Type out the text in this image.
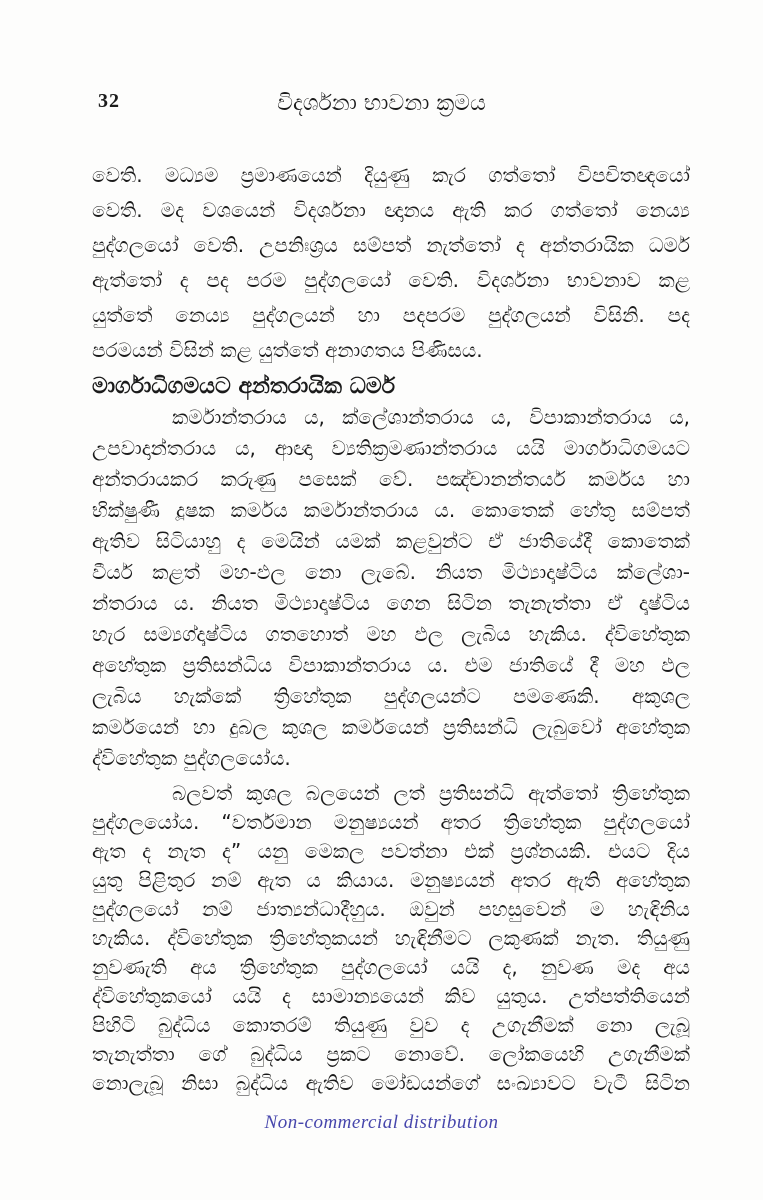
32	විදර්ශනා භාවනා ක්‍රමය
වෙති. මධ්‍යම ප්‍රමාණයෙන් දියුණු කැර ගත්තෝ විපචිතඥයෝ
වෙති. මද වශයෙන් විදර්ශනා ඥානය ඇති කර ගත්තෝ නෙය්‍ය
පුද්ගලයෝ වෙති. උපනිඃශ්‍රය සම්පත් නැත්තෝ ද අන්තරායික ධර්ම
ඇත්තෝ ද පද පරම පුද්ගලයෝ වෙති. විදර්ශනා භාවනාව කළ
යුත්තේ නෙය්‍ය පුද්ගලයන් හා පදපරම පුද්ගලයන් විසිනි. පද
පරමයන් විසින් කළ යුත්තේ අනාගතය පිණිසය.
මාර්ගාධිගමයට අන්තරායික ධර්ම
කර්මාන්තරාය ය, ක්ලේශාන්තරාය ය, විපාකාන්තරාය ය,
උපවාදාන්තරාය ය, ආඥා ව්‍යතික්‍රමණාන්තරාය යයි මාර්ගාධිගමයට
අන්තරායකර කරුණු පසෙක් වේ. පඤ්චානන්තර්ය කර්මය හා
භික්ෂුණී දූෂක කර්මය කර්මාන්තරාය ය. කොතෙක් හේතු සම්පත්
ඇතිව සිටියාහු ද මෙයින් යමක් කළවුන්ට ඒ ජාතියේදී කොතෙක්
වීර්ය කළත් මහ-ඵල නො ලැබේ. නියත මිථ්‍යාදෘෂ්ටිය ක්ලේශා-
න්තරාය ය. නියත මිථ්‍යාදෘෂ්ටිය ගෙන සිටින තැනැත්තා ඒ දෘෂ්ටිය
හැර සම්‍යග්දෘෂ්ටිය ගතහොත් මහ ඵල ලැබිය හැකිය. ද්විහේතුක
අහේතුක ප්‍රතිසන්ධිය විපාකාන්තරාය ය. එම ජාතියේ දී මහ ඵල
ලැබිය හැක්කේ ත්‍රිහේතුක පුද්ගලයන්ට පමණෙකි. අකුශල
කර්මයෙන් හා දුබල කුශල කර්මයෙන් ප්‍රතිසන්ධි ලැබුවෝ අහේතුක
ද්විහේතුක පුද්ගලයෝය.
බලවත් කුශල බලයෙන් ලත් ප්‍රතිසන්ධි ඇත්තෝ ත්‍රිහේතුක
පුද්ගලයෝය. “වර්තමාන මනුෂ්‍යයන් අතර ත්‍රිහේතුක පුද්ගලයෝ
ඇත ද නැත ද” යනු මෙකල පවත්නා එක් ප්‍රශ්නයකි. එයට දිය
යුතු පිළිතුර නම් ඇත ය කියාය. මනුෂ්‍යයන් අතර ඇති අහේතුක
පුද්ගලයෝ නම් ජාත්‍යන්ධාදීහුය. ඔවුන් පහසුවෙන් ම හැඳිනිය
හැකිය. ද්විහේතුක ත්‍රිහේතුකයන් හැඳිනීමට ලකුණක් නැත. තියුණු
නුවණැති අය ත්‍රිහේතුක පුද්ගලයෝ යයි ද, නුවණ මද අය
ද්විහේතුකයෝ යයි ද සාමාන්‍යයෙන් කිව යුතුය. උත්පත්තියෙන්
පිහිටි බුද්ධිය කොතරම් තියුණු වුව ද උගැනීමක් නො ලැබූ
තැනැත්තා ගේ බුද්ධිය ප්‍රකට නොවේ. ලෝකයෙහි උගැනීමක්
නොලැබූ නිසා බුද්ධිය ඇතිව මෝඩයන්ගේ සංඛ්‍යාවට වැටී සිටින
Non-commercial distribution
